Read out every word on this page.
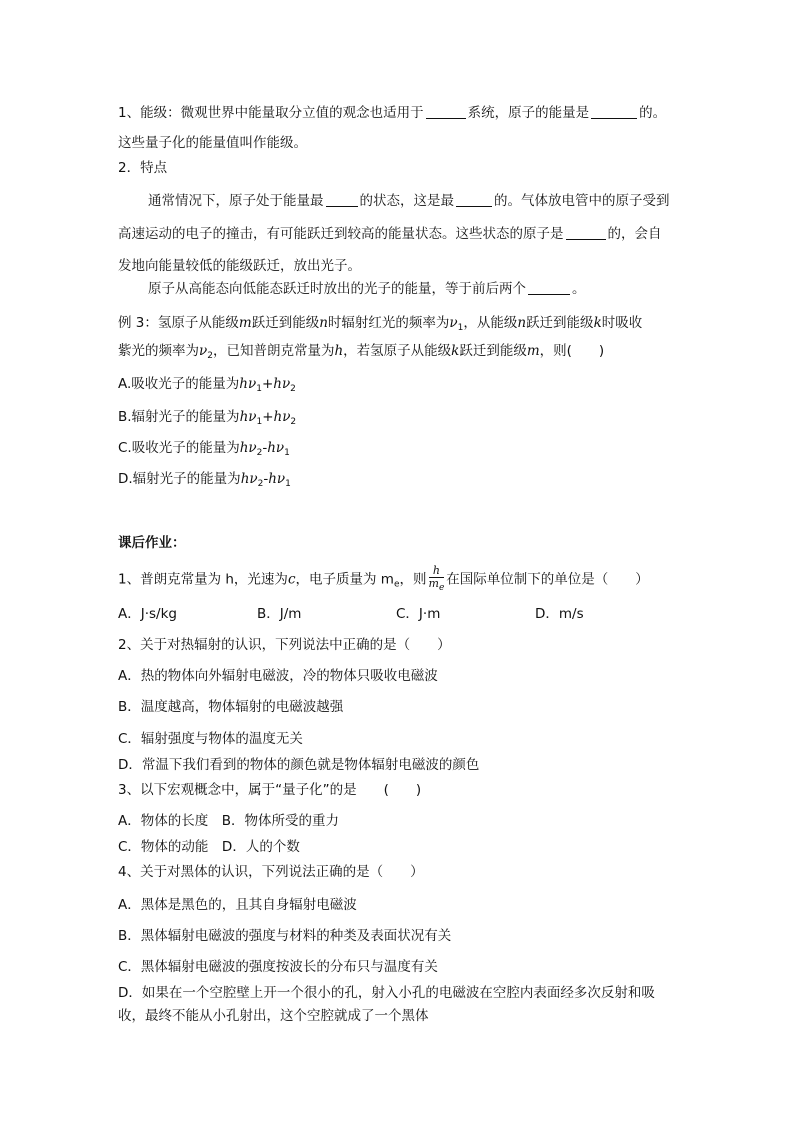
1、能级：微观世界中能量取分立值的观念也适用于	系统，原子的能量是	的。
这些量子化的能量值叫作能级。
2．特点
通常情况下，原子处于能量最	的状态，这是最	的。气体放电管中的原子受到
高速运动的电子的撞击，有可能跃迁到较高的能量状态。这些状态的原子是	的，会自
发地向能量较低的能级跃迁，放出光子。
原子从高能态向低能态跃迁时放出的光子的能量，等于前后两个	。
例 3：氢原子从能级m跃迁到能级n时辐射红光的频率为$\nu_1$，从能级n跃迁到能级k时吸收
紫光的频率为$\nu_2$，已知普朗克常量为h，若氢原子从能级k跃迁到能级m，则(　　)
A.吸收光子的能量为$h\nu_1+h\nu_2$
B.辐射光子的能量为$h\nu_1+h\nu_2$
C.吸收光子的能量为$h\nu_2-h\nu_1$
D.辐射光子的能量为$h\nu_2-h\nu_1$
课后作业：
1、普朗克常量为 h，光速为c，电子质量为 $m_e$，则 $\frac{h}{m_e}$ 在国际单位制下的单位是（　　）
A．J·s/kg	B．J/m	C．J·m	D．m/s
2、关于对热辐射的认识，下列说法中正确的是（　　）
A．热的物体向外辐射电磁波，冷的物体只吸收电磁波
B．温度越高，物体辐射的电磁波越强
C．辐射强度与物体的温度无关
D．常温下我们看到的物体的颜色就是物体辐射电磁波的颜色
3、以下宏观概念中，属于“量子化”的是　　(　　)
A．物体的长度　B．物体所受的重力
C．物体的动能　D．人的个数
4、关于对黑体的认识，下列说法正确的是（　　）
A．黑体是黑色的，且其自身辐射电磁波
B．黑体辐射电磁波的强度与材料的种类及表面状况有关
C．黑体辐射电磁波的强度按波长的分布只与温度有关
D．如果在一个空腔壁上开一个很小的孔，射入小孔的电磁波在空腔内表面经多次反射和吸
收，最终不能从小孔射出，这个空腔就成了一个黑体
